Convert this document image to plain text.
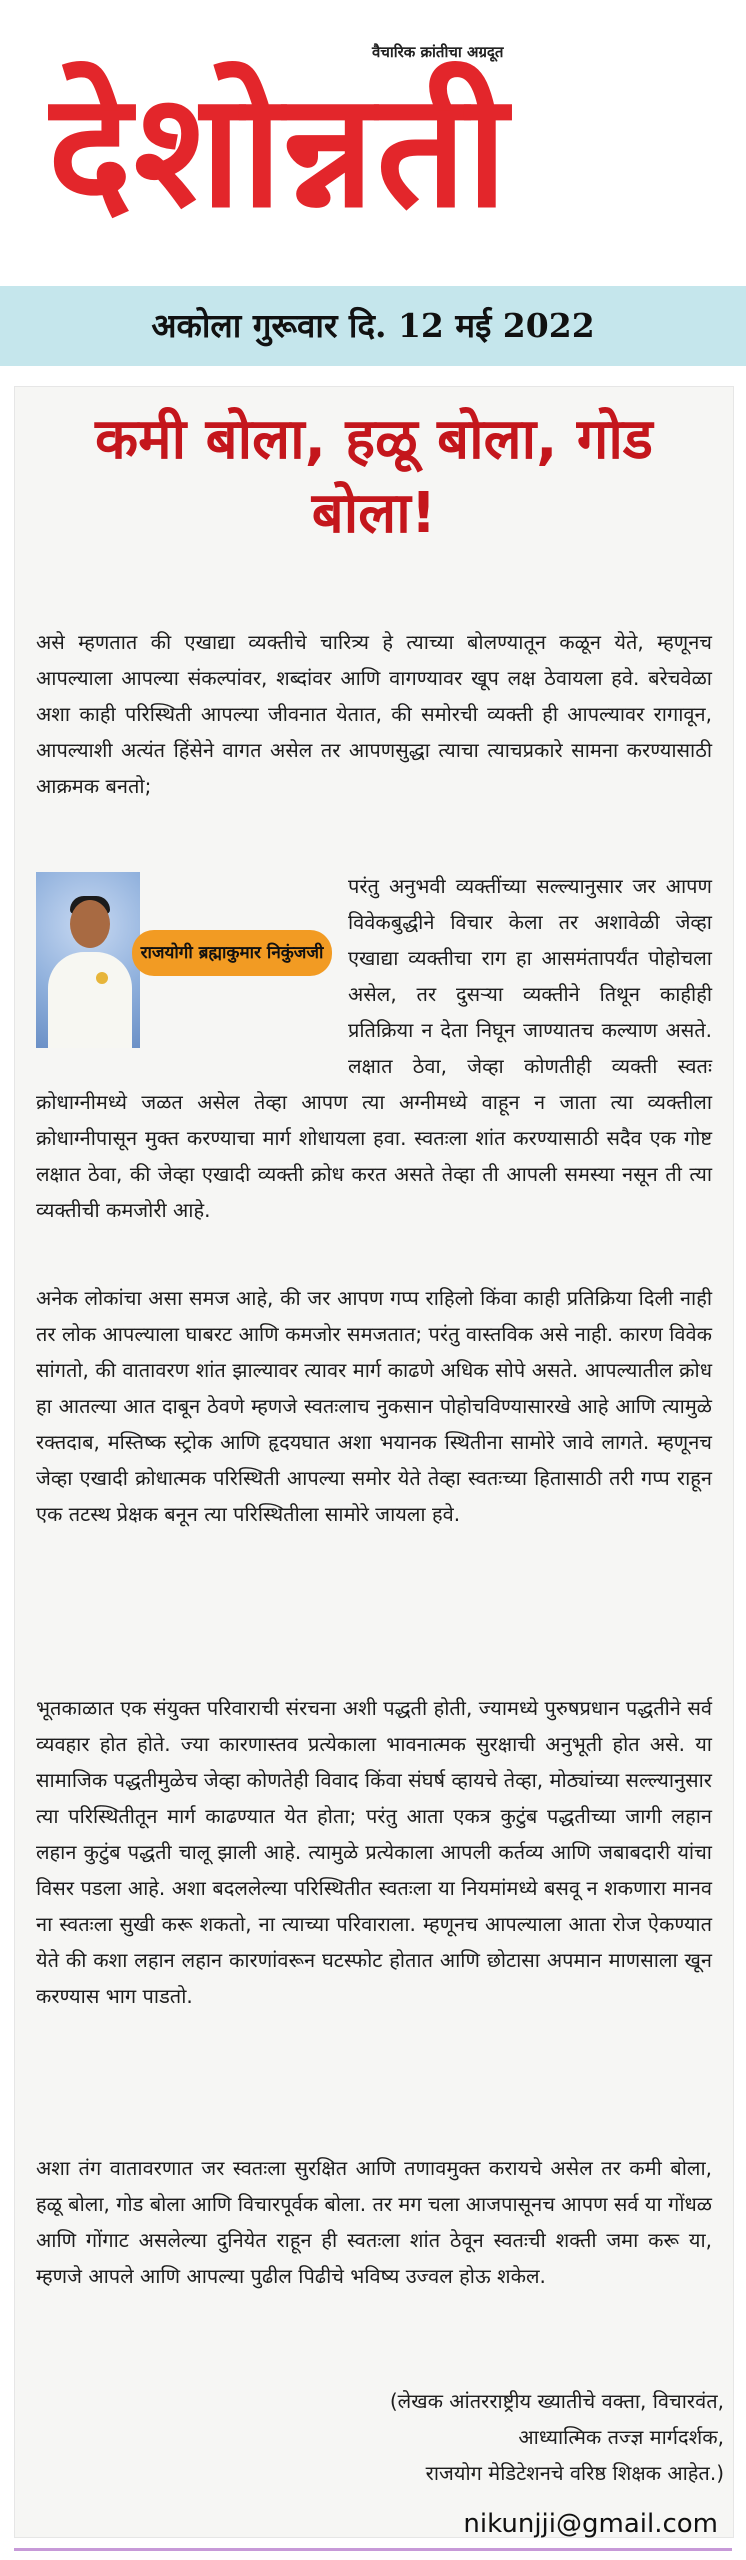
वैचारिक क्रांतीचा अग्रदूत
देशोन्नती
अकोला गुरूवार दि. 12 मई 2022
कमी बोला, हळू बोला, गोड बोला!
असे म्हणतात की एखाद्या व्यक्तीचे चारित्र्य हे त्याच्या बोलण्यातून कळून येते, म्हणूनच आपल्याला आपल्या संकल्पांवर, शब्दांवर आणि वागण्यावर खूप लक्ष ठेवायला हवे. बरेचवेळा अशा काही परिस्थिती आपल्या जीवनात येतात, की समोरची व्यक्ती ही आपल्यावर रागावून, आपल्याशी अत्यंत हिंसेने वागत असेल तर आपणसुद्धा त्याचा त्याचप्रकारे सामना करण्यासाठी आक्रमक बनतो;
राजयोगी ब्रह्माकुमार निकुंजजी
परंतु अनुभवी व्यक्तींच्या सल्ल्यानुसार जर आपण विवेकबुद्धीने विचार केला तर अशावेळी जेव्हा एखाद्या व्यक्तीचा राग हा आसमंतापर्यंत पोहोचला असेल, तर दुसऱ्या व्यक्तीने तिथून काहीही प्रतिक्रिया न देता निघून जाण्यातच कल्याण असते. लक्षात ठेवा, जेव्हा कोणतीही व्यक्ती स्वतः क्रोधाग्नीमध्ये जळत असेल तेव्हा आपण त्या अग्नीमध्ये वाहून न जाता त्या व्यक्तीला क्रोधाग्नीपासून मुक्त करण्याचा मार्ग शोधायला हवा. स्वतःला शांत करण्यासाठी सदैव एक गोष्ट लक्षात ठेवा, की जेव्हा एखादी व्यक्ती क्रोध करत असते तेव्हा ती आपली समस्या नसून ती त्या व्यक्तीची कमजोरी आहे.
अनेक लोकांचा असा समज आहे, की जर आपण गप्प राहिलो किंवा काही प्रतिक्रिया दिली नाही तर लोक आपल्याला घाबरट आणि कमजोर समजतात; परंतु वास्तविक असे नाही. कारण विवेक सांगतो, की वातावरण शांत झाल्यावर त्यावर मार्ग काढणे अधिक सोपे असते. आपल्यातील क्रोध हा आतल्या आत दाबून ठेवणे म्हणजे स्वतःलाच नुकसान पोहोचविण्यासारखे आहे आणि त्यामुळे रक्तदाब, मस्तिष्क स्ट्रोक आणि हृदयघात अशा भयानक स्थितीना सामोरे जावे लागते. म्हणूनच जेव्हा एखादी क्रोधात्मक परिस्थिती आपल्या समोर येते तेव्हा स्वतःच्या हितासाठी तरी गप्प राहून एक तटस्थ प्रेक्षक बनून त्या परिस्थितीला सामोरे जायला हवे.
भूतकाळात एक संयुक्त परिवाराची संरचना अशी पद्धती होती, ज्यामध्ये पुरुषप्रधान पद्धतीने सर्व व्यवहार होत होते. ज्या कारणास्तव प्रत्येकाला भावनात्मक सुरक्षाची अनुभूती होत असे. या सामाजिक पद्धतीमुळेच जेव्हा कोणतेही विवाद किंवा संघर्ष व्हायचे तेव्हा, मोठ्यांच्या सल्ल्यानुसार त्या परिस्थितीतून मार्ग काढण्यात येत होता; परंतु आता एकत्र कुटुंब पद्धतीच्या जागी लहान लहान कुटुंब पद्धती चालू झाली आहे. त्यामुळे प्रत्येकाला आपली कर्तव्य आणि जबाबदारी यांचा विसर पडला आहे. अशा बदललेल्या परिस्थितीत स्वतःला या नियमांमध्ये बसवू न शकणारा मानव ना स्वतःला सुखी करू शकतो, ना त्याच्या परिवाराला. म्हणूनच आपल्याला आता रोज ऐकण्यात येते की कशा लहान लहान कारणांवरून घटस्फोट होतात आणि छोटासा अपमान माणसाला खून करण्यास भाग पाडतो.
अशा तंग वातावरणात जर स्वतःला सुरक्षित आणि तणावमुक्त करायचे असेल तर कमी बोला, हळू बोला, गोड बोला आणि विचारपूर्वक बोला. तर मग चला आजपासूनच आपण सर्व या गोंधळ आणि गोंगाट असलेल्या दुनियेत राहून ही स्वतःला शांत ठेवून स्वतःची शक्ती जमा करू या, म्हणजे आपले आणि आपल्या पुढील पिढीचे भविष्य उज्वल होऊ शकेल.
(लेखक आंतरराष्ट्रीय ख्यातीचे वक्ता, विचारवंत,
आध्यात्मिक तज्ज्ञ मार्गदर्शक,
राजयोग मेडिटेशनचे वरिष्ठ शिक्षक आहेत.)
nikunjji@gmail.com
